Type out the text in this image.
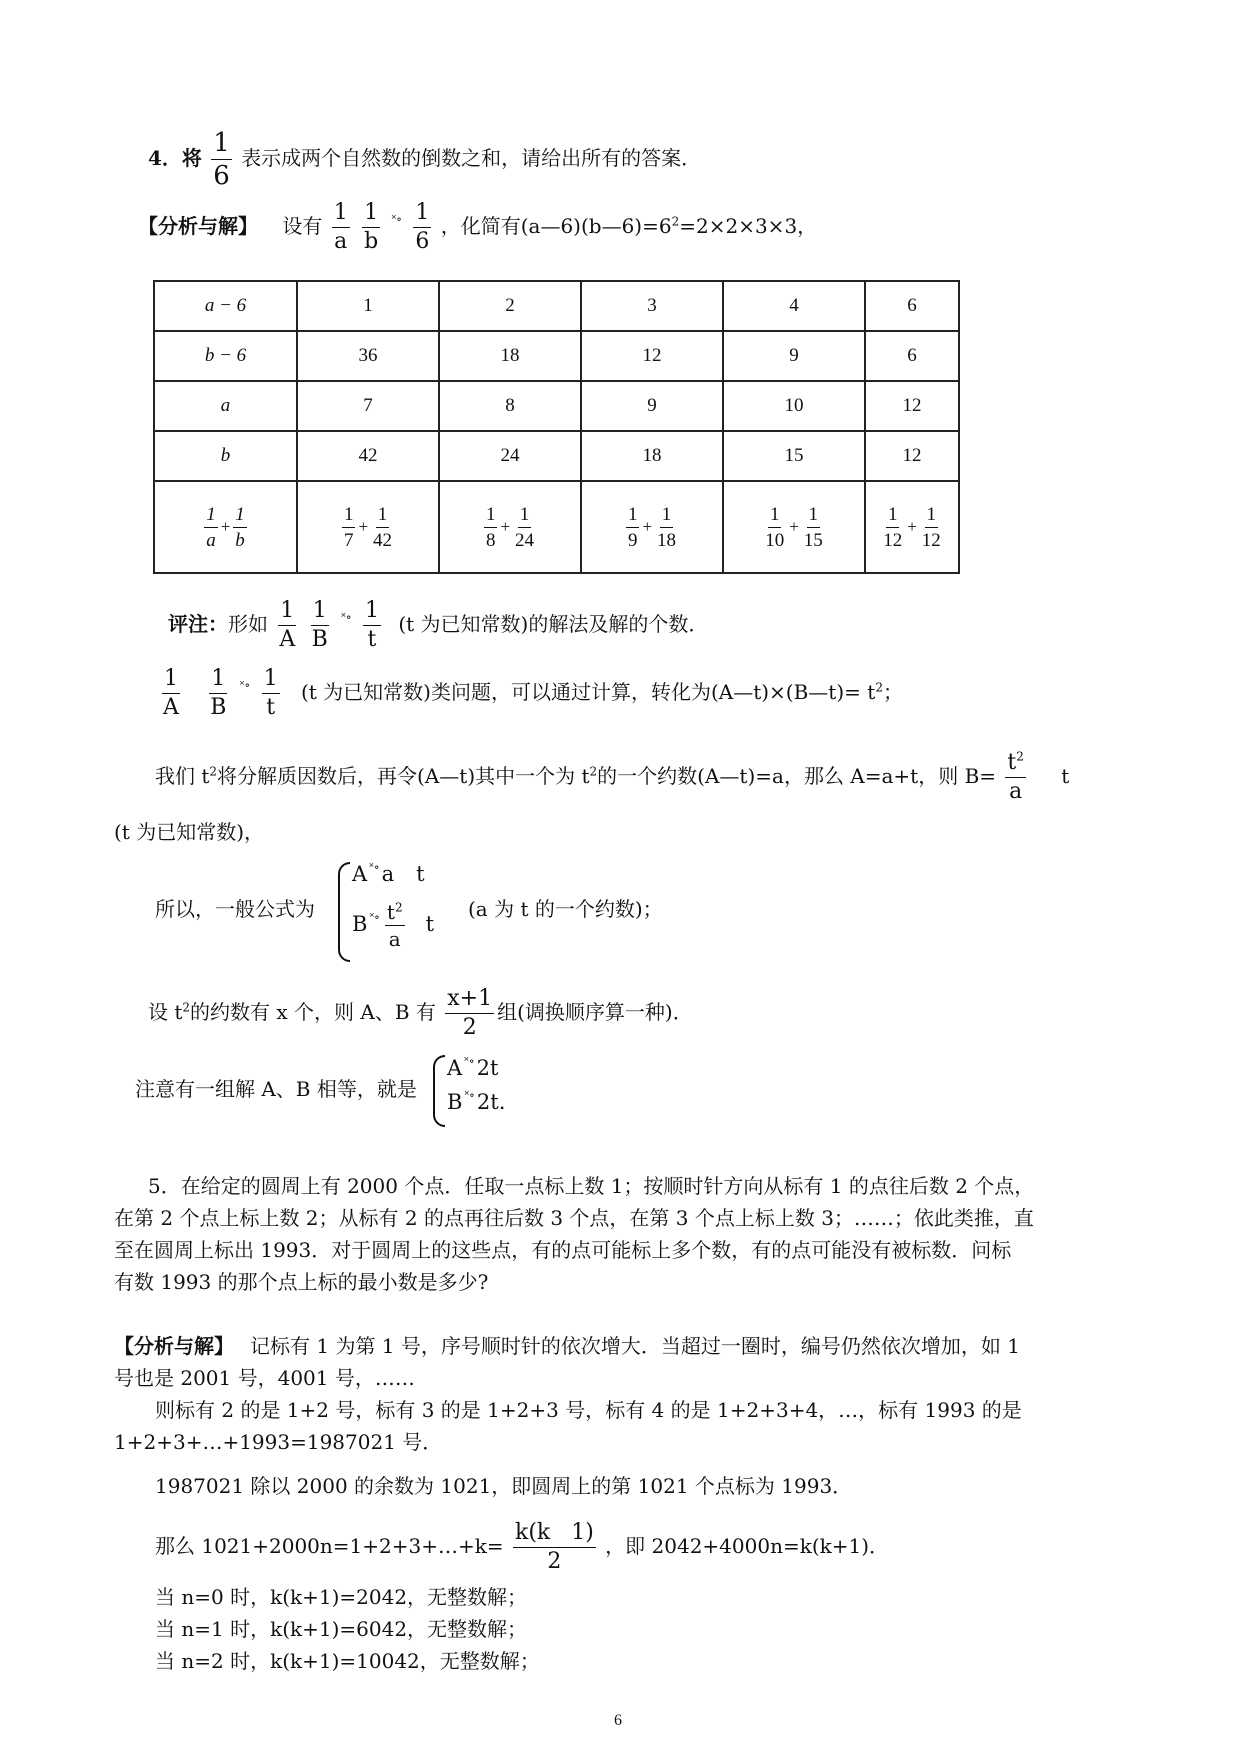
4．将 $\frac{1}{6}$ 表示成两个自然数的倒数之和，请给出所有的答案．
【分析与解】 设有 $\frac{1}{a}$
$\frac{1}{b} ^{˟\circ} \frac{1}{6}$ ，化简有$(a—6)(b—6)=6^2=2\times 2\times 3\times 3$，
a − 6	1	2	3	4	6
b − 6	36	18	12	9	6
a	7	8	9	10	12
b	42	24	18	15	12

$\frac{1}{a} + \frac{1}{b}$	$\frac{1}{7} + \frac{1}{42}$	$\frac{1}{8} + \frac{1}{24}$	$\frac{1}{9} + \frac{1}{18}$	$\frac{1}{10} + \frac{1}{15}$	$\frac{1}{12} + \frac{1}{12}$
评注：形如 $\frac{1}{A}$
$\frac{1}{B} ^{˟\circ} \frac{1}{t} (t$ 为已知常数)的解法及解的个数．
$\frac{1}{A}$
$\frac{1}{B} ^{˟\circ} \frac{1}{t} (t$ 为已知常数)类问题，可以通过计算，转化为(A—t)×(B—t)= $t^2$；
我们 $t^2$将分解质因数后，再令(A—t)其中一个为 $t^2$的一个约数(A—t)=a，那么 A=a+t，则 $B= \frac{t^2}{a}$ t
(t 为已知常数)，
所以，一般公式为
A ˟∘a t
B $^{˟\circ} \frac{t^2}{a}$ t
(a 为 t 的一个约数)；
设 $t^2$的约数有 x 个，则 A、B 有 $\frac{x+1}{2}$ 组(调换顺序算一种)．
注意有一组解 A、B 相等，就是
A ˟∘2t
B ˟∘2t.
5．在给定的圆周上有 2000 个点．任取一点标上数 1；按顺时针方向从标有 1 的点往后数 2 个点，
在第 2 个点上标上数 2；从标有 2 的点再往后数 3 个点，在第 3 个点上标上数 3；……；依此类推，直
至在圆周上标出 1993．对于圆周上的这些点，有的点可能标上多个数，有的点可能没有被标数．问标
有数 1993 的那个点上标的最小数是多少?
【分析与解】 记标有 1 为第 1 号，序号顺时针的依次增大．当超过一圈时，编号仍然依次增加，如 1
号也是 2001 号，4001 号，……
则标有 2 的是 1+2 号，标有 3 的是 1+2+3 号，标有 4 的是 1+2+3+4，…，标有 1993 的是
1+2+3+…+1993=1987021 号．
1987021 除以 2000 的余数为 1021，即圆周上的第 1021 个点标为 1993．
那么 1021+2000n=1+2+3+…+k= $\frac{k(k 1)}{2}$ ，即 2042+4000n=k(k+1)．
当 n=0 时，k(k+1)=2042，无整数解；
当 n=1 时，k(k+1)=6042，无整数解；
当 n=2 时，k(k+1)=10042，无整数解；
6
